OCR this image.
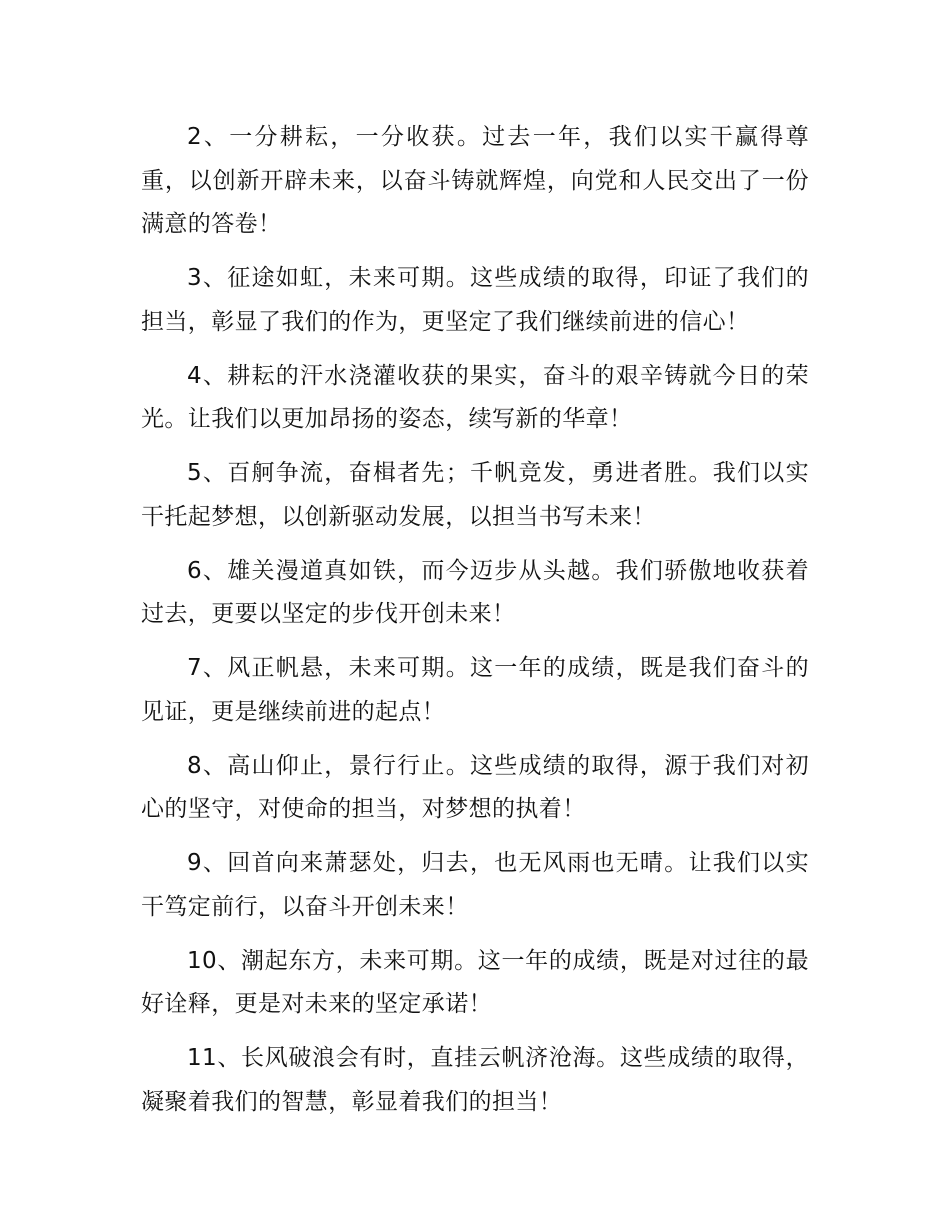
2、一分耕耘，一分收获。过去一年，我们以实干赢得尊重，以创新开辟未来，以奋斗铸就辉煌，向党和人民交出了一份满意的答卷！

3、征途如虹，未来可期。这些成绩的取得，印证了我们的担当，彰显了我们的作为，更坚定了我们继续前进的信心！

4、耕耘的汗水浇灌收获的果实，奋斗的艰辛铸就今日的荣光。让我们以更加昂扬的姿态，续写新的华章！

5、百舸争流，奋楫者先；千帆竞发，勇进者胜。我们以实干托起梦想，以创新驱动发展，以担当书写未来！

6、雄关漫道真如铁，而今迈步从头越。我们骄傲地收获着过去，更要以坚定的步伐开创未来！

7、风正帆悬，未来可期。这一年的成绩，既是我们奋斗的见证，更是继续前进的起点！

8、高山仰止，景行行止。这些成绩的取得，源于我们对初心的坚守，对使命的担当，对梦想的执着！

9、回首向来萧瑟处，归去，也无风雨也无晴。让我们以实干笃定前行，以奋斗开创未来！

10、潮起东方，未来可期。这一年的成绩，既是对过往的最好诠释，更是对未来的坚定承诺！

11、长风破浪会有时，直挂云帆济沧海。这些成绩的取得，凝聚着我们的智慧，彰显着我们的担当！
